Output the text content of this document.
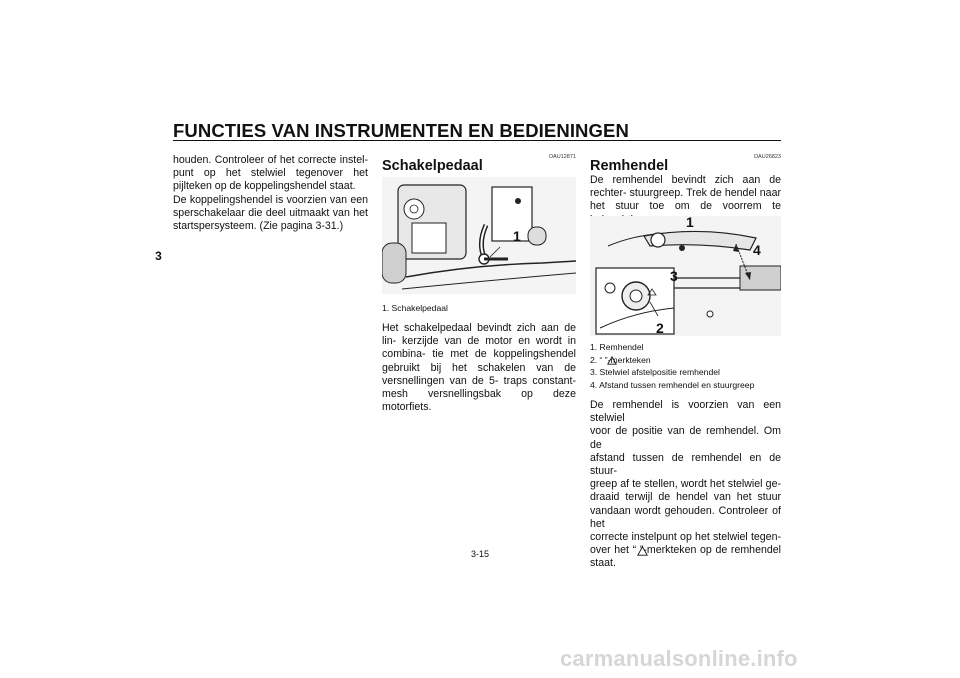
FUNCTIES VAN INSTRUMENTEN EN BEDIENINGEN
3

houden. Controleer of het correcte instel- punt op het stelwiel tegenover het pijlteken op de koppelingshendel staat.

De koppelingshendel is voorzien van een sperschakelaar die deel uitmaakt van het startspersysteem. (Zie pagina 3-31.)

DAU12871
Schakelpedaal
1
1. Schakelpedaal

Het schakelpedaal bevindt zich aan de lin- kerzijde van de motor en wordt in combina- tie met de koppelingshendel gebruikt bij het schakelen van de versnellingen van de 5- traps constant-mesh versnellingsbak op deze motorfiets.

DAU26823
Remhendel

De remhendel bevindt zich aan de rechter- stuurgreep. Trek de hendel naar het stuur toe om de voorrem te

1
4
3
2
1. Remhendel
2. “ ”-merkteken
3. Stelwiel afstelpositie remhendel
4. Afstand tussen remhendel en stuurgreep
De remhendel is voorzien van een stelwiel
voor de positie van de remhendel. Om de
afstand tussen de remhendel en de stuur-
greep af te stellen, wordt het stelwiel ge-
draaid terwijl de hendel van het stuur
vandaan wordt gehouden. Controleer of het
correcte instelpunt op het stelwiel tegen-
over het “ ”-merkteken op de remhendel
staat.
3-15
carmanualsonline.info
